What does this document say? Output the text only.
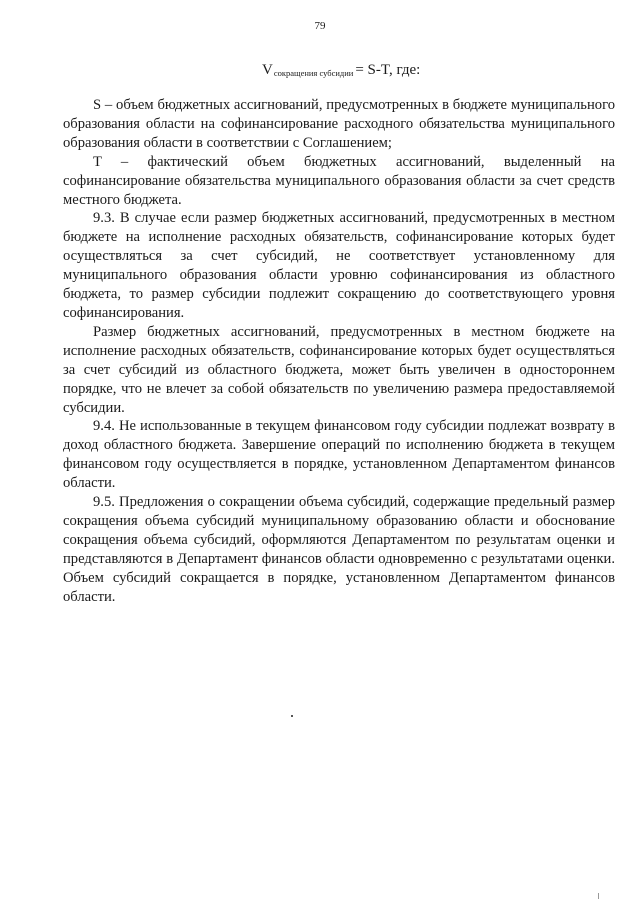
79
$V_{сокращения субсидии} = S-T$, где:

S – объем бюджетных ассигнований, предусмотренных в бюджете муниципального образования области на софинансирование расходного обязательства муниципального образования области в соответствии с Соглашением;

T – фактический объем бюджетных ассигнований, выделенный на софинансирование обязательства муниципального образования области за счет средств местного бюджета.

9.3. В случае если размер бюджетных ассигнований, предусмотренных в местном бюджете на исполнение расходных обязательств, софинансирование которых будет осуществляться за счет субсидий, не соответствует установленному для муниципального образования области уровню софинансирования из областного бюджета, то размер субсидии подлежит сокращению до соответствующего уровня софинансирования.

Размер бюджетных ассигнований, предусмотренных в местном бюджете на исполнение расходных обязательств, софинансирование которых будет осуществляться за счет субсидий из областного бюджета, может быть увеличен в одностороннем порядке, что не влечет за собой обязательств по увеличению размера предоставляемой субсидии.

9.4. Не использованные в текущем финансовом году субсидии подлежат возврату в доход областного бюджета. Завершение операций по исполнению бюджета в текущем финансовом году осуществляется в порядке, установленном Департаментом финансов области.

9.5. Предложения о сокращении объема субсидий, содержащие предельный размер сокращения объема субсидий муниципальному образованию области и обоснование сокращения объема субсидий, оформляются Департаментом по результатам оценки и представляются в Департамент финансов области одновременно с результатами оценки. Объем субсидий сокращается в порядке, установленном Департаментом финансов области.
